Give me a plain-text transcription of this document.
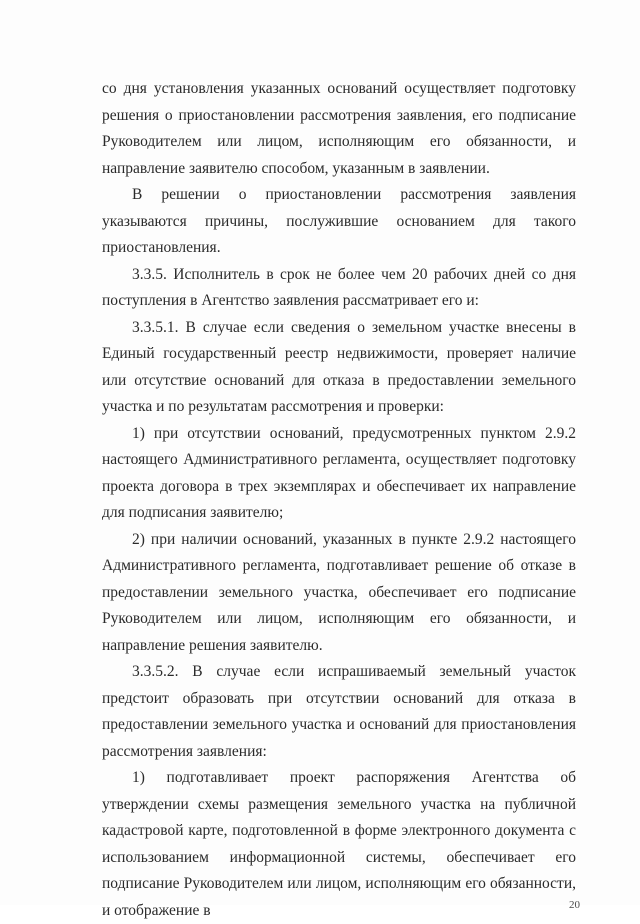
со дня установления указанных оснований осуществляет подготовку решения о приостановлении рассмотрения заявления, его подписание Руководителем или лицом, исполняющим его обязанности, и направление заявителю способом, указанным в заявлении.

В решении о приостановлении рассмотрения заявления указываются причины, послужившие основанием для такого приостановления.

3.3.5. Исполнитель в срок не более чем 20 рабочих дней со дня поступления в Агентство заявления рассматривает его и:

3.3.5.1. В случае если сведения о земельном участке внесены в Единый государственный реестр недвижимости, проверяет наличие или отсутствие оснований для отказа в предоставлении земельного участка и по результатам рассмотрения и проверки:

1) при отсутствии оснований, предусмотренных пунктом 2.9.2 настоящего Административного регламента, осуществляет подготовку проекта договора в трех экземплярах и обеспечивает их направление для подписания заявителю;

2) при наличии оснований, указанных в пункте 2.9.2 настоящего Административного регламента, подготавливает решение об отказе в предоставлении земельного участка, обеспечивает его подписание Руководителем или лицом, исполняющим его обязанности, и направление решения заявителю.

3.3.5.2. В случае если испрашиваемый земельный участок предстоит образовать при отсутствии оснований для отказа в предоставлении земельного участка и оснований для приостановления рассмотрения заявления:

1) подготавливает проект распоряжения Агентства об утверждении схемы размещения земельного участка на публичной кадастровой карте, подготовленной в форме электронного документа с использованием информационной системы, обеспечивает его подписание Руководителем или лицом, исполняющим его обязанности, и отображение в	20
